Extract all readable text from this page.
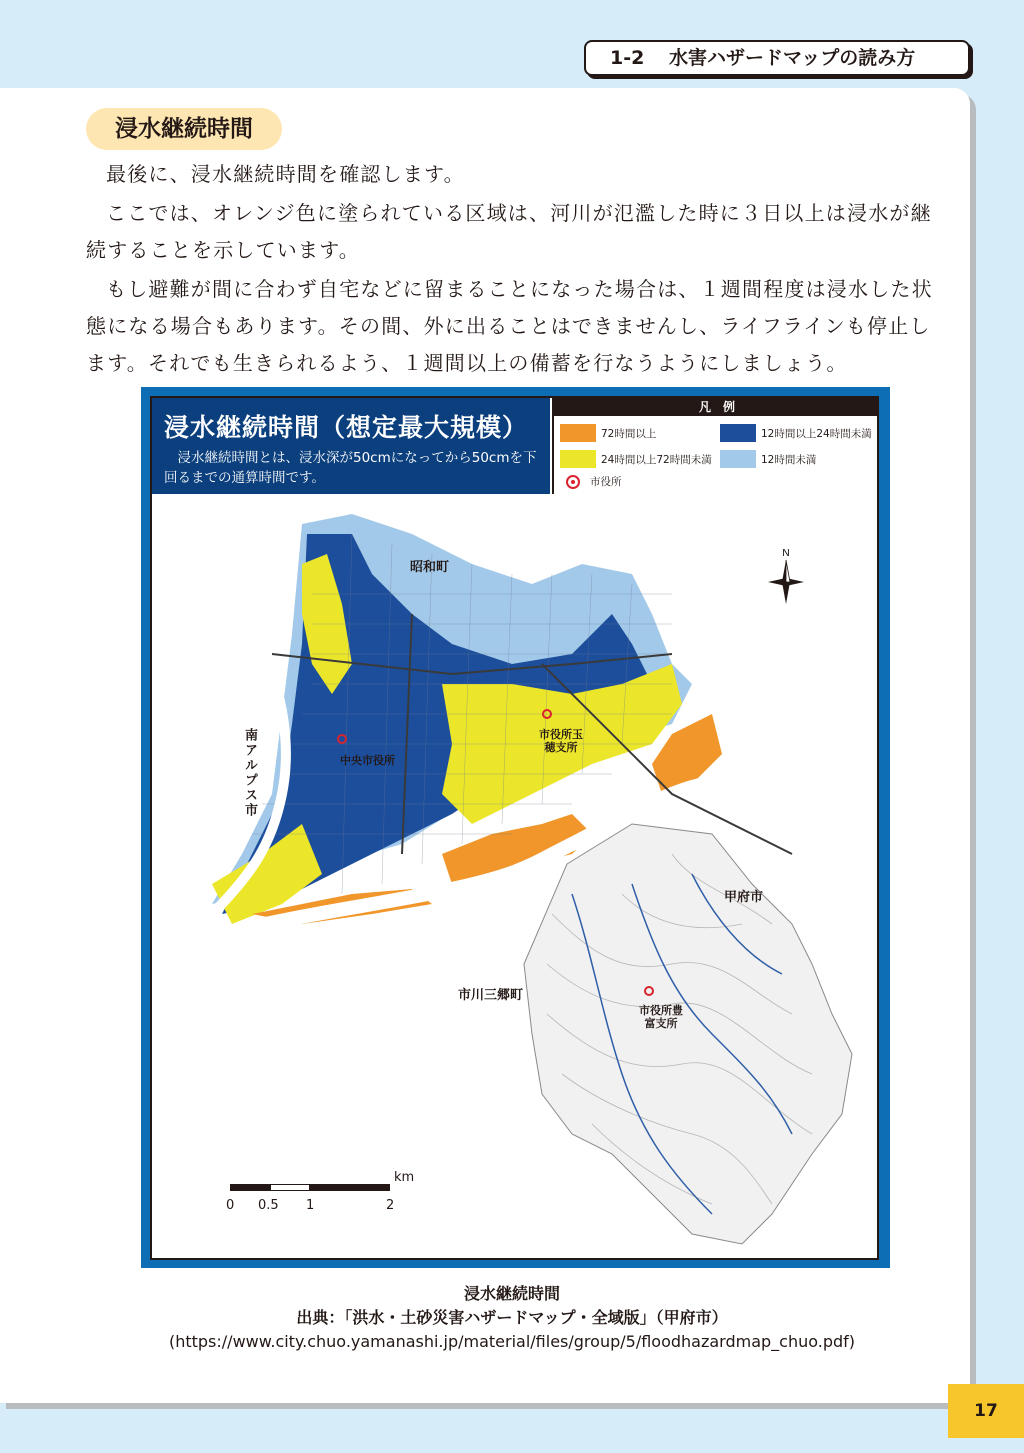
1-2 水害ハザードマップの読み方
浸水継続時間

最後に、浸水継続時間を確認します。

ここでは、オレンジ色に塗られている区域は、河川が氾濫した時に３日以上は浸水が継続することを示しています。

もし避難が間に合わず自宅などに留まることになった場合は、１週間程度は浸水した状態になる場合もあります。その間、外に出ることはできませんし、ライフラインも停止します。それでも生きられるよう、１週間以上の備蓄を行なうようにしましょう。

浸水継続時間（想定最大規模）
浸水継続時間とは、浸水深が50cmになってから50cmを下回るまでの通算時間です。
凡　例
72時間以上	12時間以上24時間未満
24時間以上72時間未満	12時間未満
市役所
昭和町
南アルプス市
甲府市
市川三郷町
中央市役所
市役所玉穂支所
市役所豊富支所
N
0 0.5 1	2
km
浸水継続時間
出典：「洪水・土砂災害ハザードマップ・全域版」（甲府市）
(https://www.city.chuo.yamanashi.jp/material/files/group/5/floodhazardmap_chuo.pdf)
17
